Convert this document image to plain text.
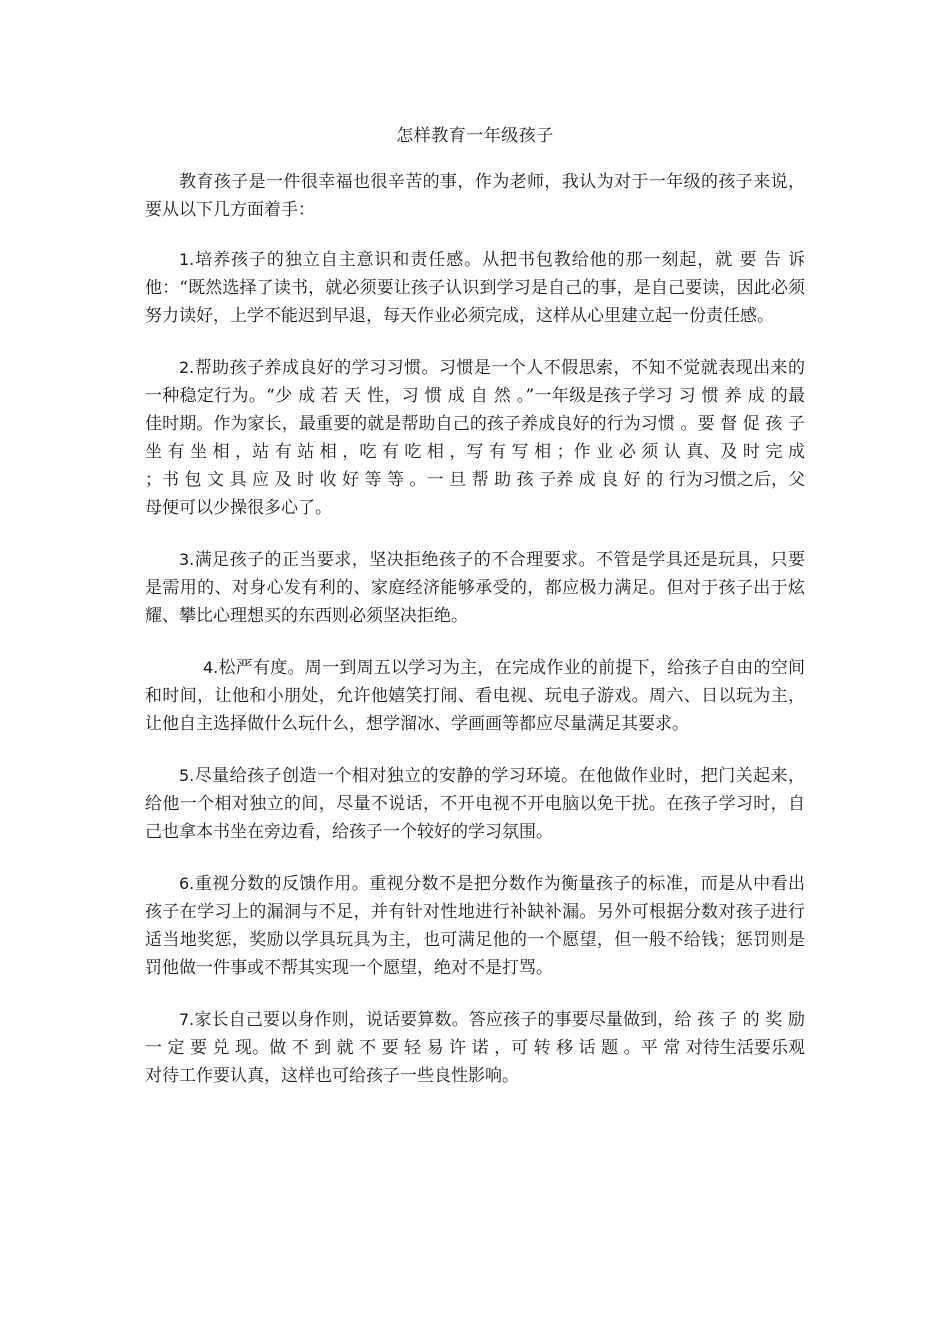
怎样教育一年级孩子

教育孩子是一件很幸福也很辛苦的事，作为老师，我认为对于一年级的孩子来说，要从以下几方面着手：

1.培养孩子的独立自主意识和责任感。从把书包教给他的那一刻起，就 要 告 诉 他：“既然选择了读书，就必须要让孩子认识到学习是自己的事，是自己要读，因此必须努力读好，上学不能迟到早退，每天作业必须完成，这样从心里建立起一份责任感。

2.帮助孩子养成良好的学习习惯。习惯是一个人不假思索，不知不觉就表现出来的一种稳定行为。“少 成 若 天 性，习 惯 成 自 然 。”一年级是孩子学习 习 惯 养 成 的最佳时期。作为家长，最重要的就是帮助自己的孩子养成良好的行为习惯 。要 督 促 孩 子 坐 有 坐 相 ，站 有 站 相 ，吃 有 吃 相 ，写 有 写 相 ；作 业 必 须 认 真、及 时 完 成 ；书 包 文 具 应 及 时 收 好 等 等 。一 旦 帮 助 孩 子养 成 良 好 的 行为习惯之后，父母便可以少操很多心了。

3.满足孩子的正当要求，坚决拒绝孩子的不合理要求。不管是学具还是玩具，只要是需用的、对身心发有利的、家庭经济能够承受的，都应极力满足。但对于孩子出于炫耀、攀比心理想买的东西则必须坚决拒绝。

4.松严有度。周一到周五以学习为主，在完成作业的前提下，给孩子自由的空间和时间，让他和小朋处，允许他嬉笑打闹、看电视、玩电子游戏。周六、日以玩为主，让他自主选择做什么玩什么，想学溜冰、学画画等都应尽量满足其要求。

5.尽量给孩子创造一个相对独立的安静的学习环境。在他做作业时，把门关起来，给他一个相对独立的间，尽量不说话，不开电视不开电脑以免干扰。在孩子学习时，自己也拿本书坐在旁边看，给孩子一个较好的学习氛围。

6.重视分数的反馈作用。重视分数不是把分数作为衡量孩子的标准，而是从中看出孩子在学习上的漏洞与不足，并有针对性地进行补缺补漏。另外可根据分数对孩子进行适当地奖惩，奖励以学具玩具为主，也可满足他的一个愿望，但一般不给钱；惩罚则是罚他做一件事或不帮其实现一个愿望，绝对不是打骂。

7.家长自己要以身作则，说话要算数。答应孩子的事要尽量做到，给 孩 子 的 奖 励一 定 要 兑 现。做 不 到 就 不 要 轻 易 许 诺 ，可 转 移 话 题 。平 常 对待生活要乐观对待工作要认真，这样也可给孩子一些良性影响。
